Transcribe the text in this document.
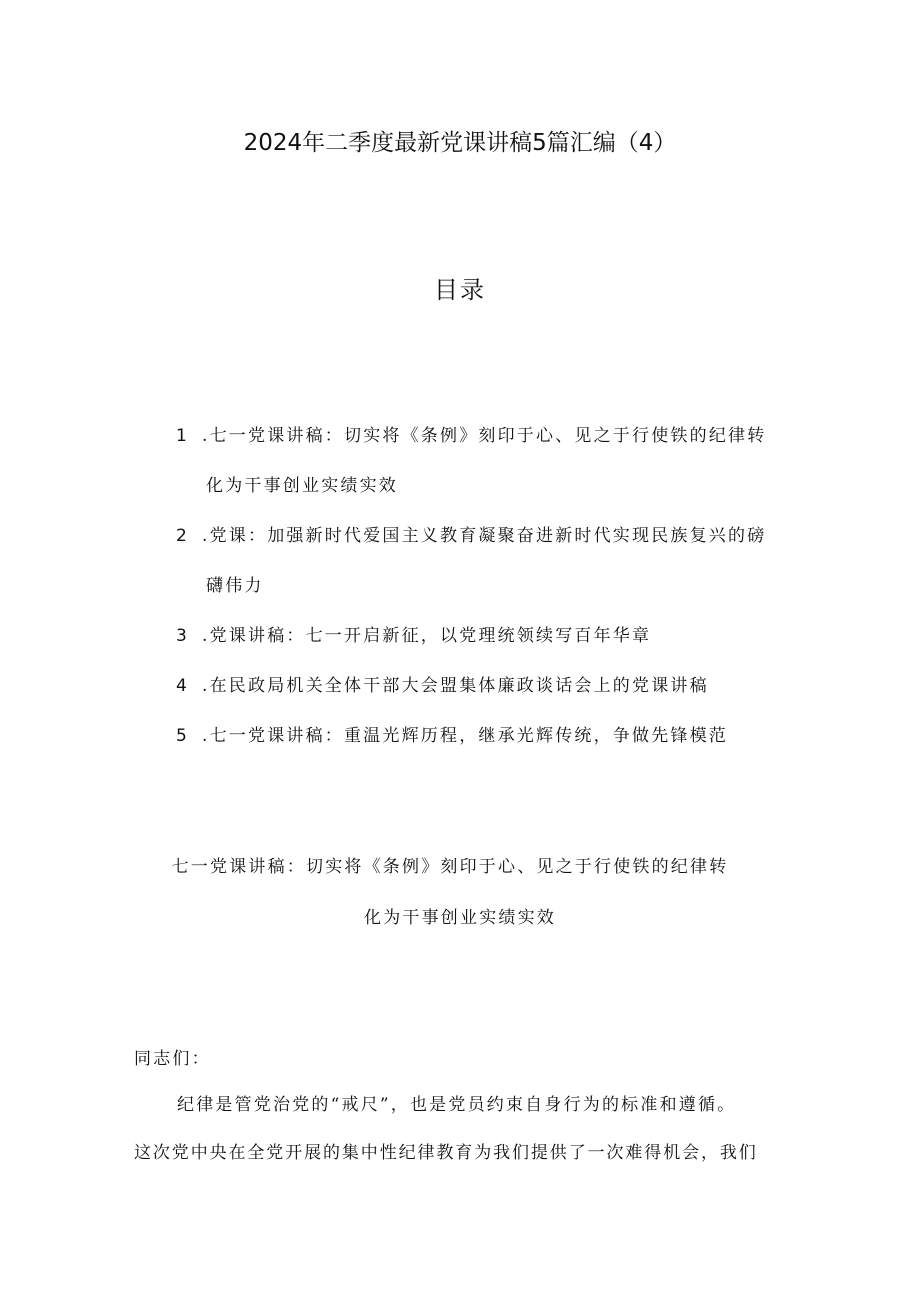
2024年二季度最新党课讲稿5篇汇编（4）
目录
1 .七一党课讲稿：切实将《条例》刻印于心、见之于行使铁的纪律转
化为干事创业实绩实效
2 .党课：加强新时代爱国主义教育凝聚奋进新时代实现民族复兴的磅
礴伟力
3 .党课讲稿：七一开启新征，以党理统领续写百年华章
4 .在民政局机关全体干部大会盟集体廉政谈话会上的党课讲稿
5 .七一党课讲稿：重温光辉历程，继承光辉传统，争做先锋模范
七一党课讲稿：切实将《条例》刻印于心、见之于行使铁的纪律转
化为干事创业实绩实效
同志们：
纪律是管党治党的“戒尺”，也是党员约束自身行为的标准和遵循。
这次党中央在全党开展的集中性纪律教育为我们提供了一次难得机会，我们
